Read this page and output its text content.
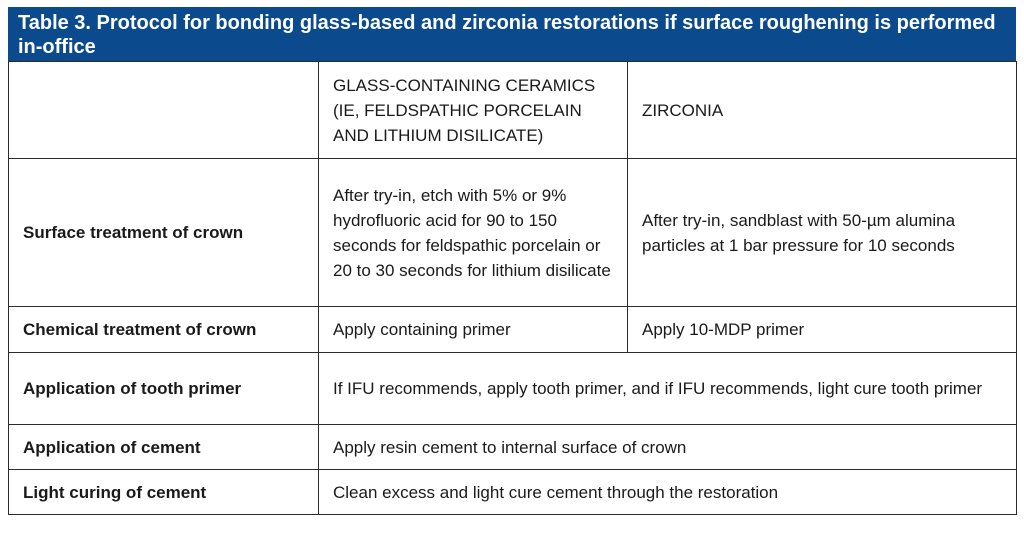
Table 3. Protocol for bonding glass-based and zirconia restorations if surface roughening is performed in-office
	GLASS-CONTAINING CERAMICS (IE, FELDSPATHIC PORCELAIN AND LITHIUM DISILICATE)	ZIRCONIA
Surface treatment of crown	After try-in, etch with 5% or 9% hydrofluoric acid for 90 to 150 seconds for feldspathic porcelain or 20 to 30 seconds for lithium disilicate	After try-in, sandblast with 50-µm alumina particles at 1 bar pressure for 10 seconds
Chemical treatment of crown	Apply containing primer	Apply 10-MDP primer
Application of tooth primer	If IFU recommends, apply tooth primer, and if IFU recommends, light cure tooth primer	
Application of cement	Apply resin cement to internal surface of crown	
Light curing of cement	Clean excess and light cure cement through the restoration	
